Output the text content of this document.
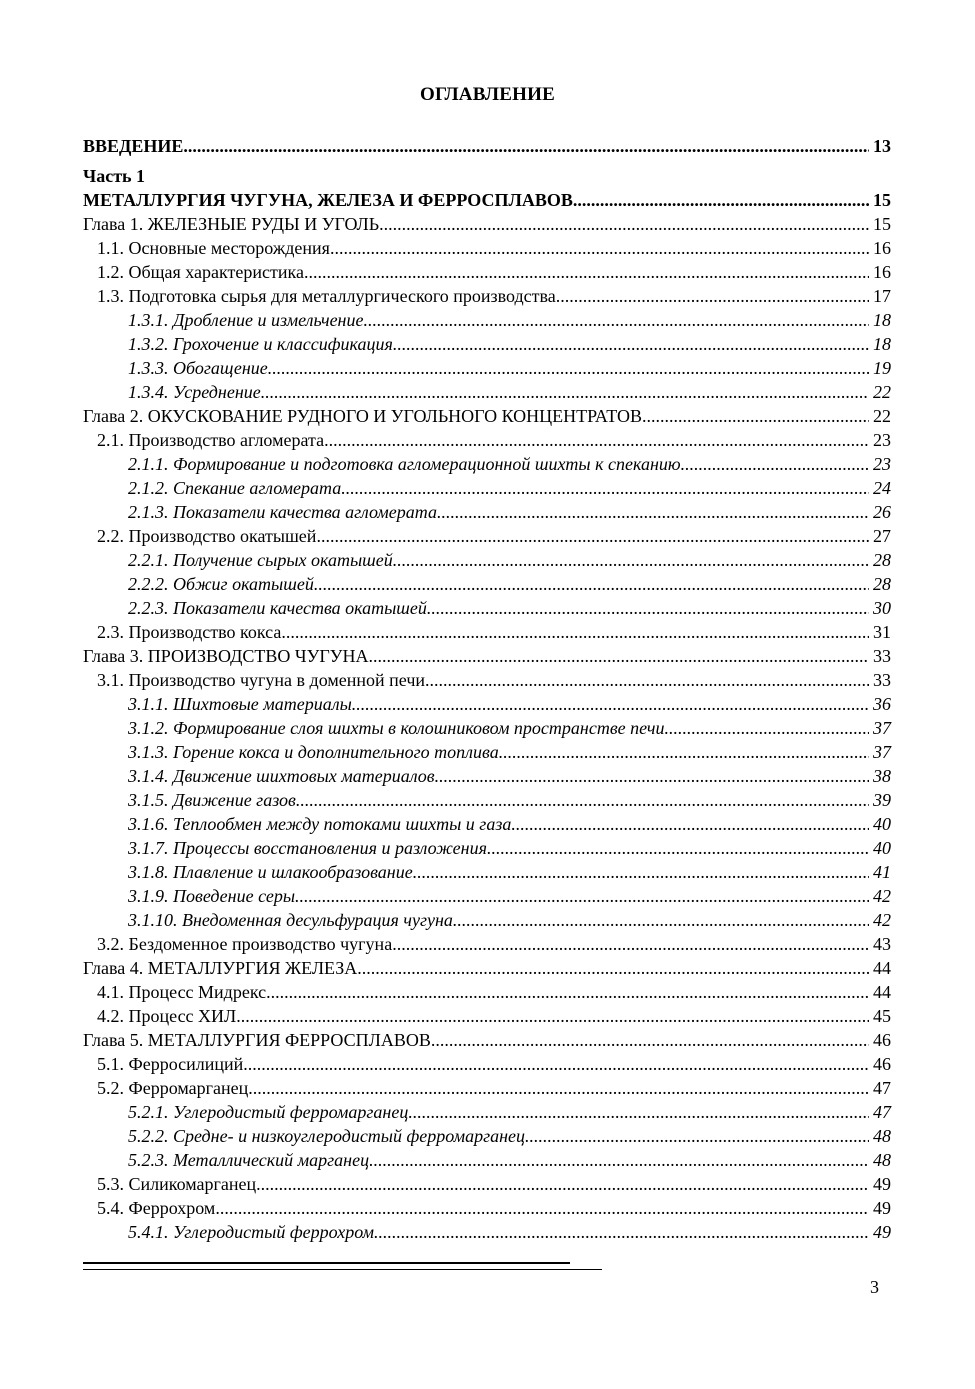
ОГЛАВЛЕНИЕ
ВВЕДЕНИЕ .....	13
Часть 1
МЕТАЛЛУРГИЯ ЧУГУНА, ЖЕЛЕЗА И ФЕРРОСПЛАВОВ .....	15
Глава 1. ЖЕЛЕЗНЫЕ РУДЫ И УГОЛЬ .....	15
1.1. Основные месторождения .....	16
1.2. Общая характеристика .....	16
1.3. Подготовка сырья для металлургического производства .....	17
1.3.1. Дробление и измельчение .....	18
1.3.2. Грохочение и классификация .....	18
1.3.3. Обогащение .....	19
1.3.4. Усреднение .....	22
Глава 2. ОКУСКОВАНИЕ РУДНОГО И УГОЛЬНОГО КОНЦЕНТРАТОВ .....	22
2.1. Производство агломерата .....	23
2.1.1. Формирование и подготовка агломерационной шихты к спеканию .....	23
2.1.2. Спекание агломерата .....	24
2.1.3. Показатели качества агломерата .....	26
2.2. Производство окатышей .....	27
2.2.1. Получение сырых окатышей .....	28
2.2.2. Обжиг окатышей .....	28
2.2.3. Показатели качества окатышей .....	30
2.3. Производство кокса .....	31
Глава 3. ПРОИЗВОДСТВО ЧУГУНА .....	33
3.1. Производство чугуна в доменной печи .....	33
3.1.1. Шихтовые материалы .....	36
3.1.2. Формирование слоя шихты в колошниковом пространстве печи .....	37
3.1.3. Горение кокса и дополнительного топлива .....	37
3.1.4. Движение шихтовых материалов .....	38
3.1.5. Движение газов .....	39
3.1.6. Теплообмен между потоками шихты и газа .....	40
3.1.7. Процессы восстановления и разложения .....	40
3.1.8. Плавление и шлакообразование .....	41
3.1.9. Поведение серы .....	42
3.1.10. Внедоменная десульфурация чугуна .....	42
3.2. Бездоменное производство чугуна .....	43
Глава 4. МЕТАЛЛУРГИЯ ЖЕЛЕЗА .....	44
4.1. Процесс Мидрекс .....	44
4.2. Процесс ХИЛ .....	45
Глава 5. МЕТАЛЛУРГИЯ ФЕРРОСПЛАВОВ .....	46
5.1. Ферросилиций .....	46
5.2. Ферромарганец .....	47
5.2.1. Углеродистый ферромарганец .....	47
5.2.2. Средне- и низкоуглеродистый ферромарганец .....	48
5.2.3. Металлический марганец .....	48
5.3. Силикомарганец .....	49
5.4. Феррохром .....	49
5.4.1. Углеродистый феррохром .....	49
3
